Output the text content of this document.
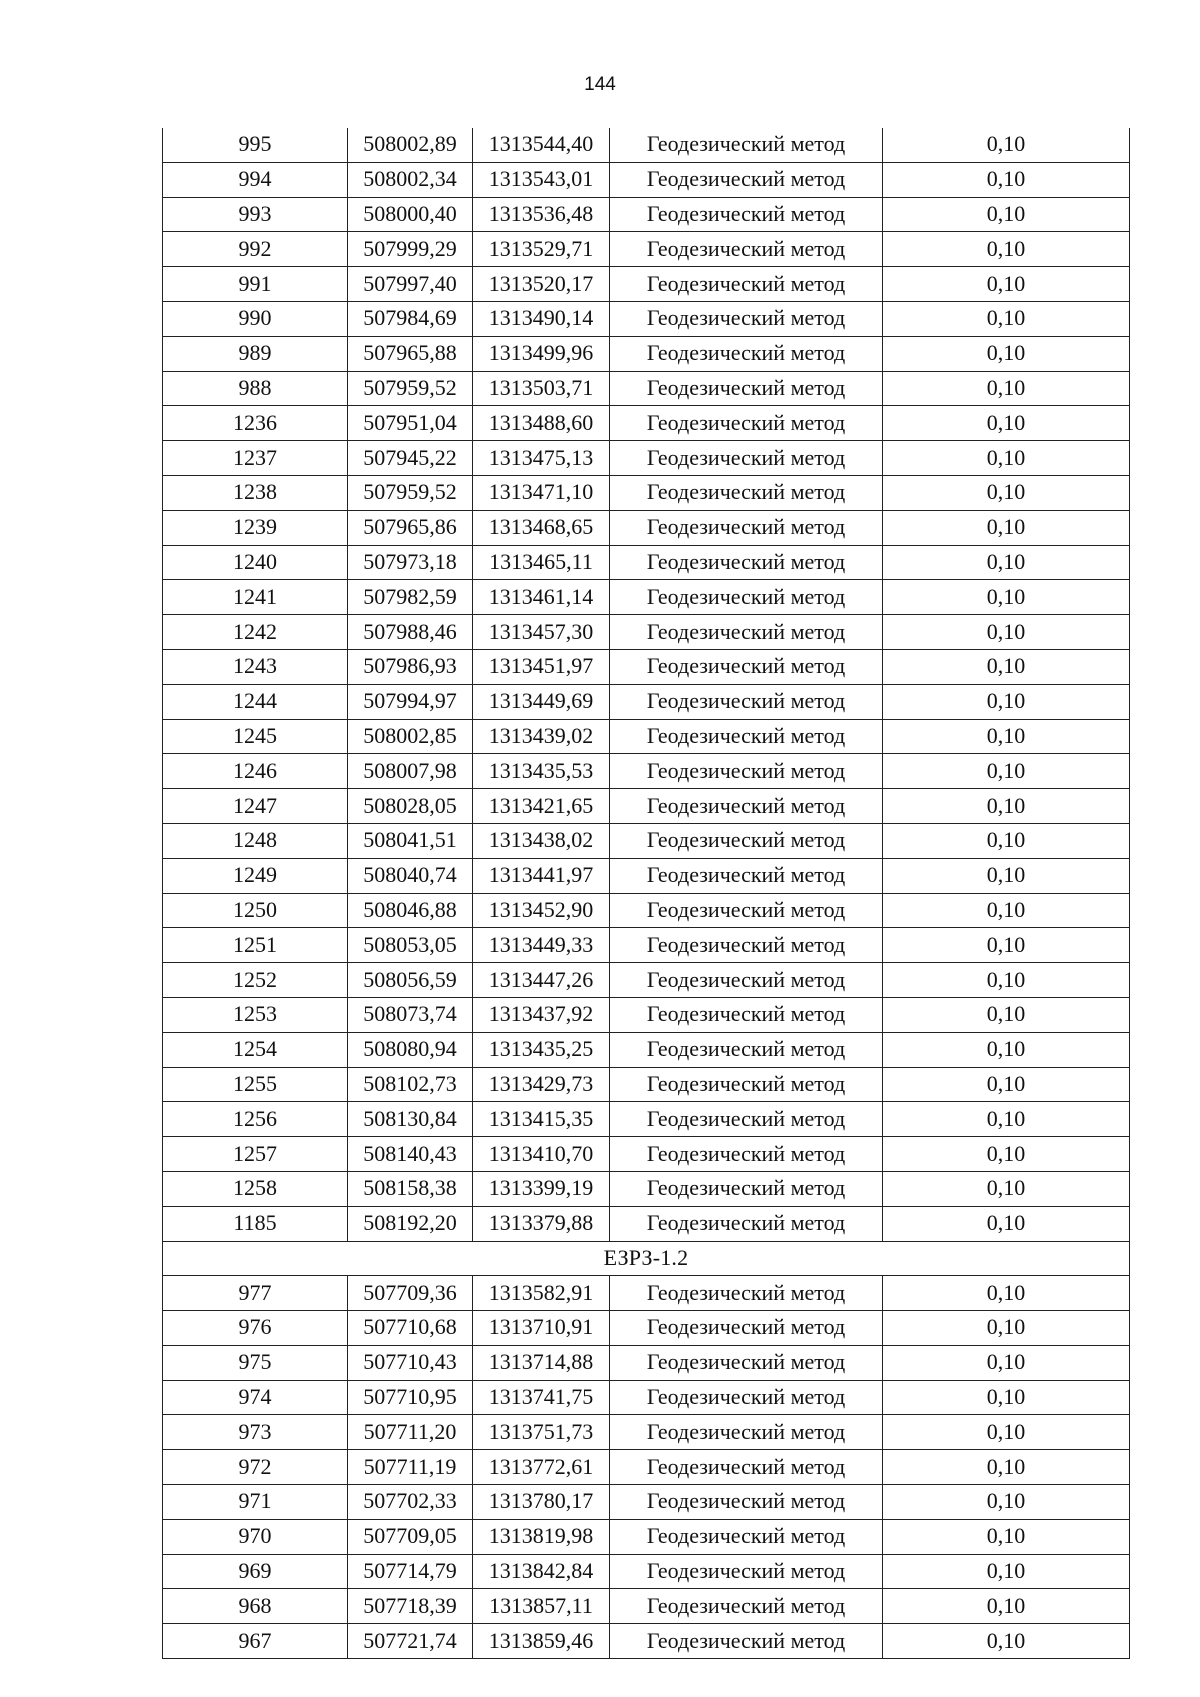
144
995	508002,89	1313544,40	Геодезический метод	0,10
994	508002,34	1313543,01	Геодезический метод	0,10
993	508000,40	1313536,48	Геодезический метод	0,10
992	507999,29	1313529,71	Геодезический метод	0,10
991	507997,40	1313520,17	Геодезический метод	0,10
990	507984,69	1313490,14	Геодезический метод	0,10
989	507965,88	1313499,96	Геодезический метод	0,10
988	507959,52	1313503,71	Геодезический метод	0,10
1236	507951,04	1313488,60	Геодезический метод	0,10
1237	507945,22	1313475,13	Геодезический метод	0,10
1238	507959,52	1313471,10	Геодезический метод	0,10
1239	507965,86	1313468,65	Геодезический метод	0,10
1240	507973,18	1313465,11	Геодезический метод	0,10
1241	507982,59	1313461,14	Геодезический метод	0,10
1242	507988,46	1313457,30	Геодезический метод	0,10
1243	507986,93	1313451,97	Геодезический метод	0,10
1244	507994,97	1313449,69	Геодезический метод	0,10
1245	508002,85	1313439,02	Геодезический метод	0,10
1246	508007,98	1313435,53	Геодезический метод	0,10
1247	508028,05	1313421,65	Геодезический метод	0,10
1248	508041,51	1313438,02	Геодезический метод	0,10
1249	508040,74	1313441,97	Геодезический метод	0,10
1250	508046,88	1313452,90	Геодезический метод	0,10
1251	508053,05	1313449,33	Геодезический метод	0,10
1252	508056,59	1313447,26	Геодезический метод	0,10
1253	508073,74	1313437,92	Геодезический метод	0,10
1254	508080,94	1313435,25	Геодезический метод	0,10
1255	508102,73	1313429,73	Геодезический метод	0,10
1256	508130,84	1313415,35	Геодезический метод	0,10
1257	508140,43	1313410,70	Геодезический метод	0,10
1258	508158,38	1313399,19	Геодезический метод	0,10
1185	508192,20	1313379,88	Геодезический метод	0,10
ЕЗРЗ-1.2				
977	507709,36	1313582,91	Геодезический метод	0,10
976	507710,68	1313710,91	Геодезический метод	0,10
975	507710,43	1313714,88	Геодезический метод	0,10
974	507710,95	1313741,75	Геодезический метод	0,10
973	507711,20	1313751,73	Геодезический метод	0,10
972	507711,19	1313772,61	Геодезический метод	0,10
971	507702,33	1313780,17	Геодезический метод	0,10
970	507709,05	1313819,98	Геодезический метод	0,10
969	507714,79	1313842,84	Геодезический метод	0,10
968	507718,39	1313857,11	Геодезический метод	0,10
967	507721,74	1313859,46	Геодезический метод	0,10
